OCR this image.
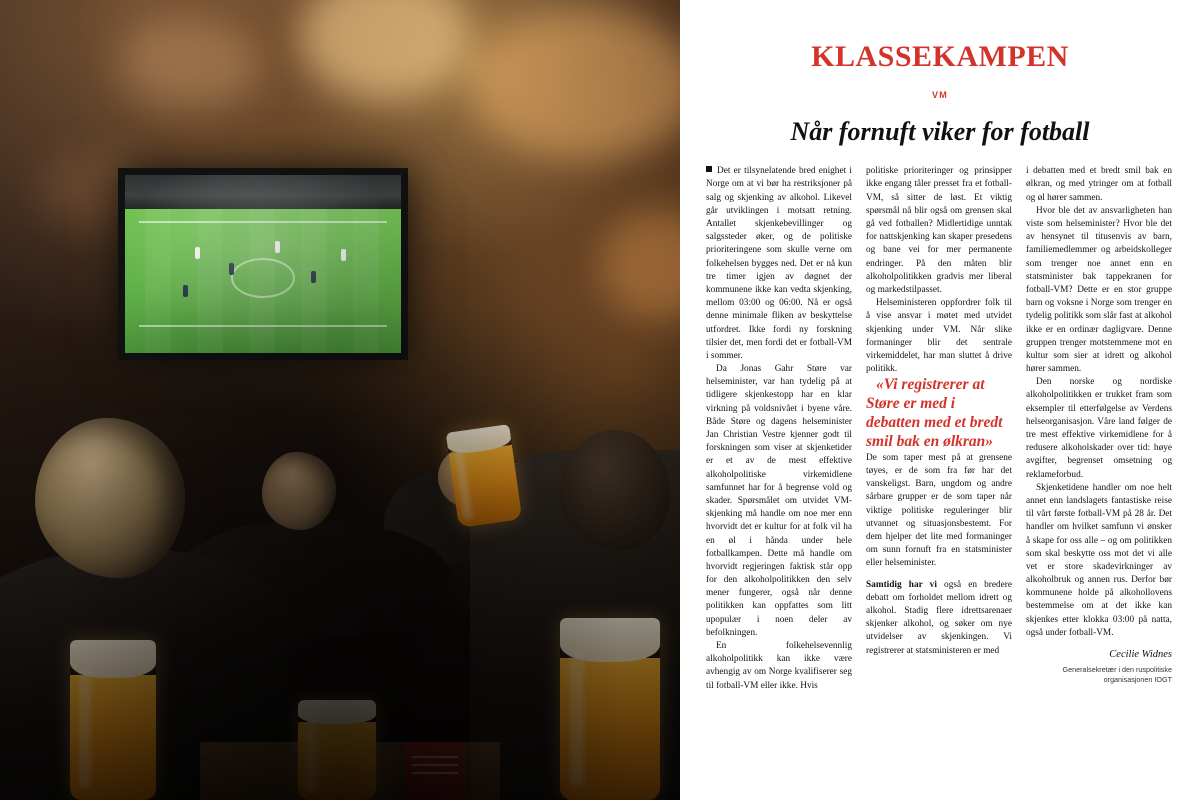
KLASSEKAMPEN
VM
Når fornuft viker for fotball

Det er tilsynelatende bred enighet i Norge om at vi bør ha restriksjoner på salg og skjenking av alkohol. Likevel går utviklingen i motsatt retning. Antallet skjenkebevillinger og salgssteder øker, og de politiske prioriteringene som skulle verne om folkehelsen bygges ned. Det er nå kun tre timer igjen av døgnet der kommunene ikke kan vedta skjenking, mellom 03:00 og 06:00. Nå er også denne minimale fliken av beskyttelse utfordret. Ikke fordi ny forskning tilsier det, men fordi det er fotball-VM i sommer.

Da Jonas Gahr Støre var helseminister, var han tydelig på at tidligere skjenkestopp har en klar virkning på voldsnivået i byene våre. Både Støre og dagens helseminister Jan Christian Vestre kjenner godt til forskningen som viser at skjenketider er et av de mest effektive alkoholpolitiske virkemidlene samfunnet har for å begrense vold og skader. Spørsmålet om utvidet VM-skjenking må handle om noe mer enn hvorvidt det er kultur for at folk vil ha en øl i hånda under hele fotballkampen. Dette må handle om hvorvidt regjeringen faktisk står opp for den alkoholpolitikken den selv mener fungerer, også når denne politikken kan oppfattes som litt upopulær i noen deler av befolkningen.

En folkehelsevennlig alkoholpolitikk kan ikke være avhengig av om Norge kvalifiserer seg til fotball-VM eller ikke. Hvis

politiske prioriteringer og prinsipper ikke engang tåler presset fra et fotball-VM, så sitter de løst. Et viktig spørsmål nå blir også om grensen skal gå ved fotballen? Midlertidige unntak for nattskjenking kan skaper presedens og bane vei for mer permanente endringer. På den måten blir alkoholpolitikken gradvis mer liberal og markedstilpasset.

Helseministeren oppfordrer folk til å vise ansvar i møtet med utvidet skjenking under VM. Når slike formaninger blir det sentrale virkemiddelet, har man sluttet å drive politikk.

«Vi registrerer at Støre er med i debatten med et bredt smil bak en ølkran»

De som taper mest på at grensene tøyes, er de som fra før har det vanskeligst. Barn, ungdom og andre sårbare grupper er de som taper når viktige politiske reguleringer blir utvannet og situasjonsbestemt. For dem hjelper det lite med formaninger om sunn fornuft fra en statsminister eller helseminister.

Samtidig har vi også en bredere debatt om forholdet mellom idrett og alkohol. Stadig flere idrettsarenaer skjenker alkohol, og søker om nye utvidelser av skjenkingen. Vi registrerer at statsministeren er med

i debatten med et bredt smil bak en ølkran, og med ytringer om at fotball og øl hører sammen.

Hvor ble det av ansvarligheten han viste som helseminister? Hvor ble det av hensynet til titusenvis av barn, familiemedlemmer og arbeidskolleger som trenger noe annet enn en statsminister bak tappekranen for fotball-VM? Dette er en stor gruppe barn og voksne i Norge som trenger en tydelig politikk som slår fast at alkohol ikke er en ordinær dagligvare. Denne gruppen trenger motstemmene mot en kultur som sier at idrett og alkohol hører sammen.

Den norske og nordiske alkoholpolitikken er trukket fram som eksempler til etterfølgelse av Verdens helseorganisasjon. Våre land følger de tre mest effektive virkemidlene for å redusere alkoholskader over tid: høye avgifter, begrenset omsetning og reklameforbud.

Skjenketidene handler om noe helt annet enn landslagets fantastiske reise til vårt første fotball-VM på 28 år. Det handler om hvilket samfunn vi ønsker å skape for oss alle – og om politikken som skal beskytte oss mot det vi alle vet er store skadevirkninger av alkoholbruk og annen rus. Derfor bør kommunene holde på alkohollovens bestemmelse om at det ikke kan skjenkes etter klokka 03:00 på natta, også under fotball-VM.

Cecilie Widnes
Generalsekretær i den ruspolitiske organisasjonen IOGT
